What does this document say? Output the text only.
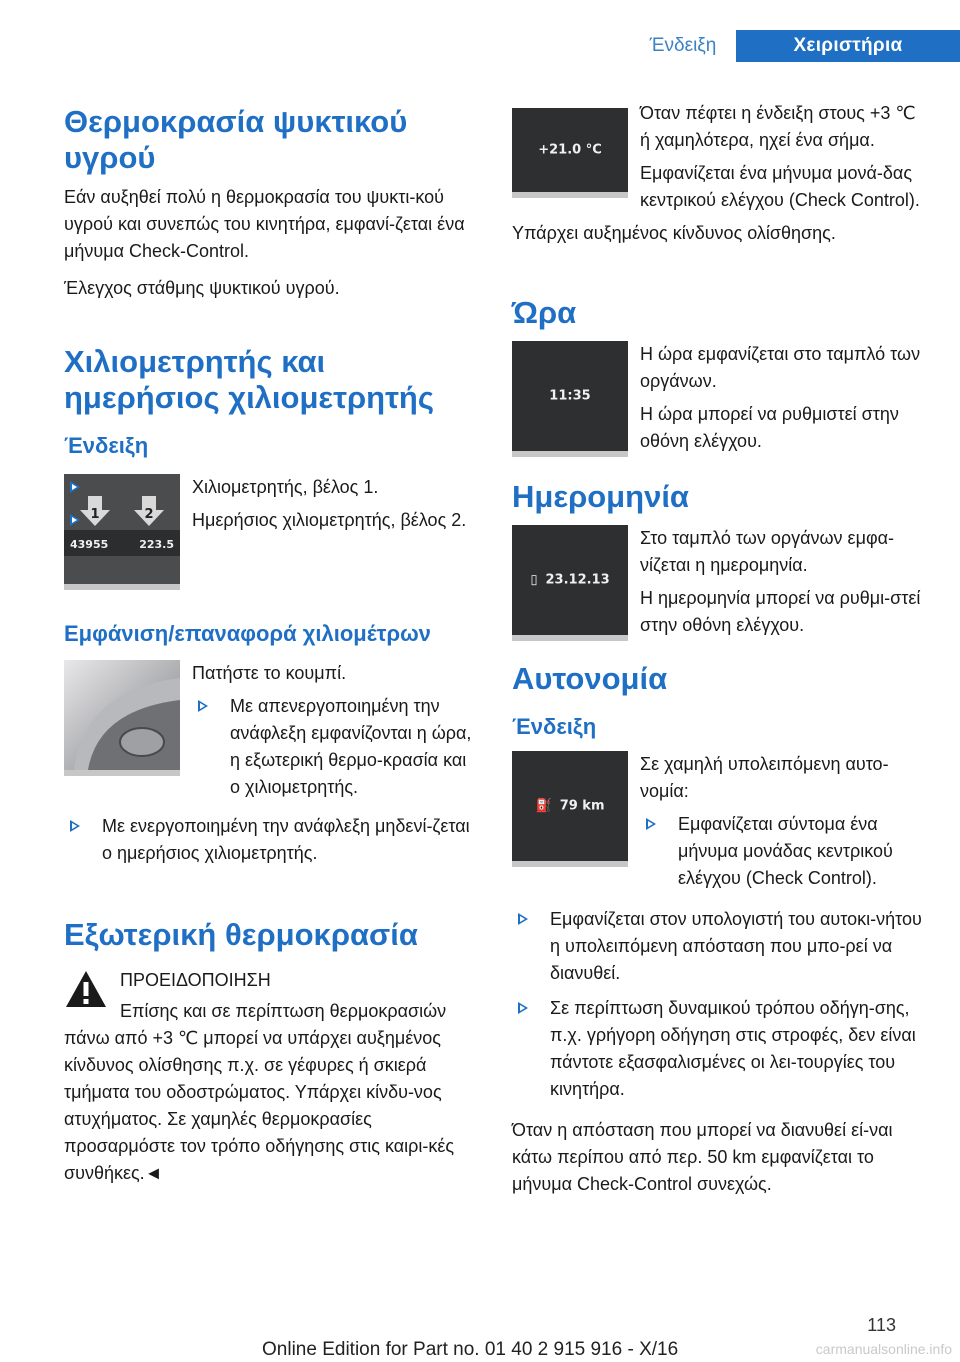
Ένδειξη	Χειριστήρια
Θερμοκρασία ψυκτικού υγρού

Εάν αυξηθεί πολύ η θερμοκρασία του ψυκτι-κού υγρού και συνεπώς του κινητήρα, εμφανί-ζεται ένα μήνυμα Check-Control.

Έλεγχος στάθμης ψυκτικού υγρού.

Χιλιομετρητής και ημερήσιος χιλιομετρητής
Ένδειξη
1	2
43955	223.5
Χιλιομετρητής, βέλος 1.
Ημερήσιος χιλιομετρητής, βέλος 2.
Εμφάνιση/επαναφορά χιλιομέτρων

Πατήστε το κουμπί.

Με απενεργοποιημένη την ανάφλεξη εμφανίζονται η ώρα, η εξωτερική θερμο-κρασία και ο χιλιομετρητής.
Με ενεργοποιημένη την ανάφλεξη μηδενί-ζεται ο ημερήσιος χιλιομετρητής.
Εξωτερική θερμοκρασία

ΠΡΟΕΙΔΟΠΟΙΗΣΗ

Επίσης και σε περίπτωση θερμοκρασιών πάνω από +3 ℃ μπορεί να υπάρχει αυξημένος κίνδυνος ολίσθησης π.χ. σε γέφυρες ή σκιερά τμήματα του οδοστρώματος. Υπάρχει κίνδυ-νος ατυχήματος. Σε χαμηλές θερμοκρασίες προσαρμόστε τον τρόπο οδήγησης στις καιρι-κές συνθήκες.◄

+21.0 °C

Όταν πέφτει η ένδειξη στους +3 ℃ ή χαμηλότερα, ηχεί ένα σήμα.

Εμφανίζεται ένα μήνυμα μονά-δας κεντρικού ελέγχου (Check Control).

Υπάρχει αυξημένος κίνδυνος ολίσθησης.

Ώρα
11:35

Η ώρα εμφανίζεται στο ταμπλό των οργάνων.

Η ώρα μπορεί να ρυθμιστεί στην οθόνη ελέγχου.

Ημερομηνία
▯ 23.12.13

Στο ταμπλό των οργάνων εμφα-νίζεται η ημερομηνία.

Η ημερομηνία μπορεί να ρυθμι-στεί στην οθόνη ελέγχου.

Αυτονομία
Ένδειξη
⛽ 79 km

Σε χαμηλή υπολειπόμενη αυτο-νομία:

Εμφανίζεται σύντομα ένα μήνυμα μονάδας κεντρικού ελέγχου (Check Control).
Εμφανίζεται στον υπολογιστή του αυτοκι-νήτου η υπολειπόμενη απόσταση που μπο-ρεί να διανυθεί.
Σε περίπτωση δυναμικού τρόπου οδήγη-σης, π.χ. γρήγορη οδήγηση στις στροφές, δεν είναι πάντοτε εξασφαλισμένες οι λει-τουργίες του κινητήρα.

Όταν η απόσταση που μπορεί να διανυθεί εί-ναι κάτω περίπου από περ. 50 km εμφανίζεται το μήνυμα Check-Control συνεχώς.

113
Online Edition for Part no. 01 40 2 915 916 - X/16	carmanualsonline.info
